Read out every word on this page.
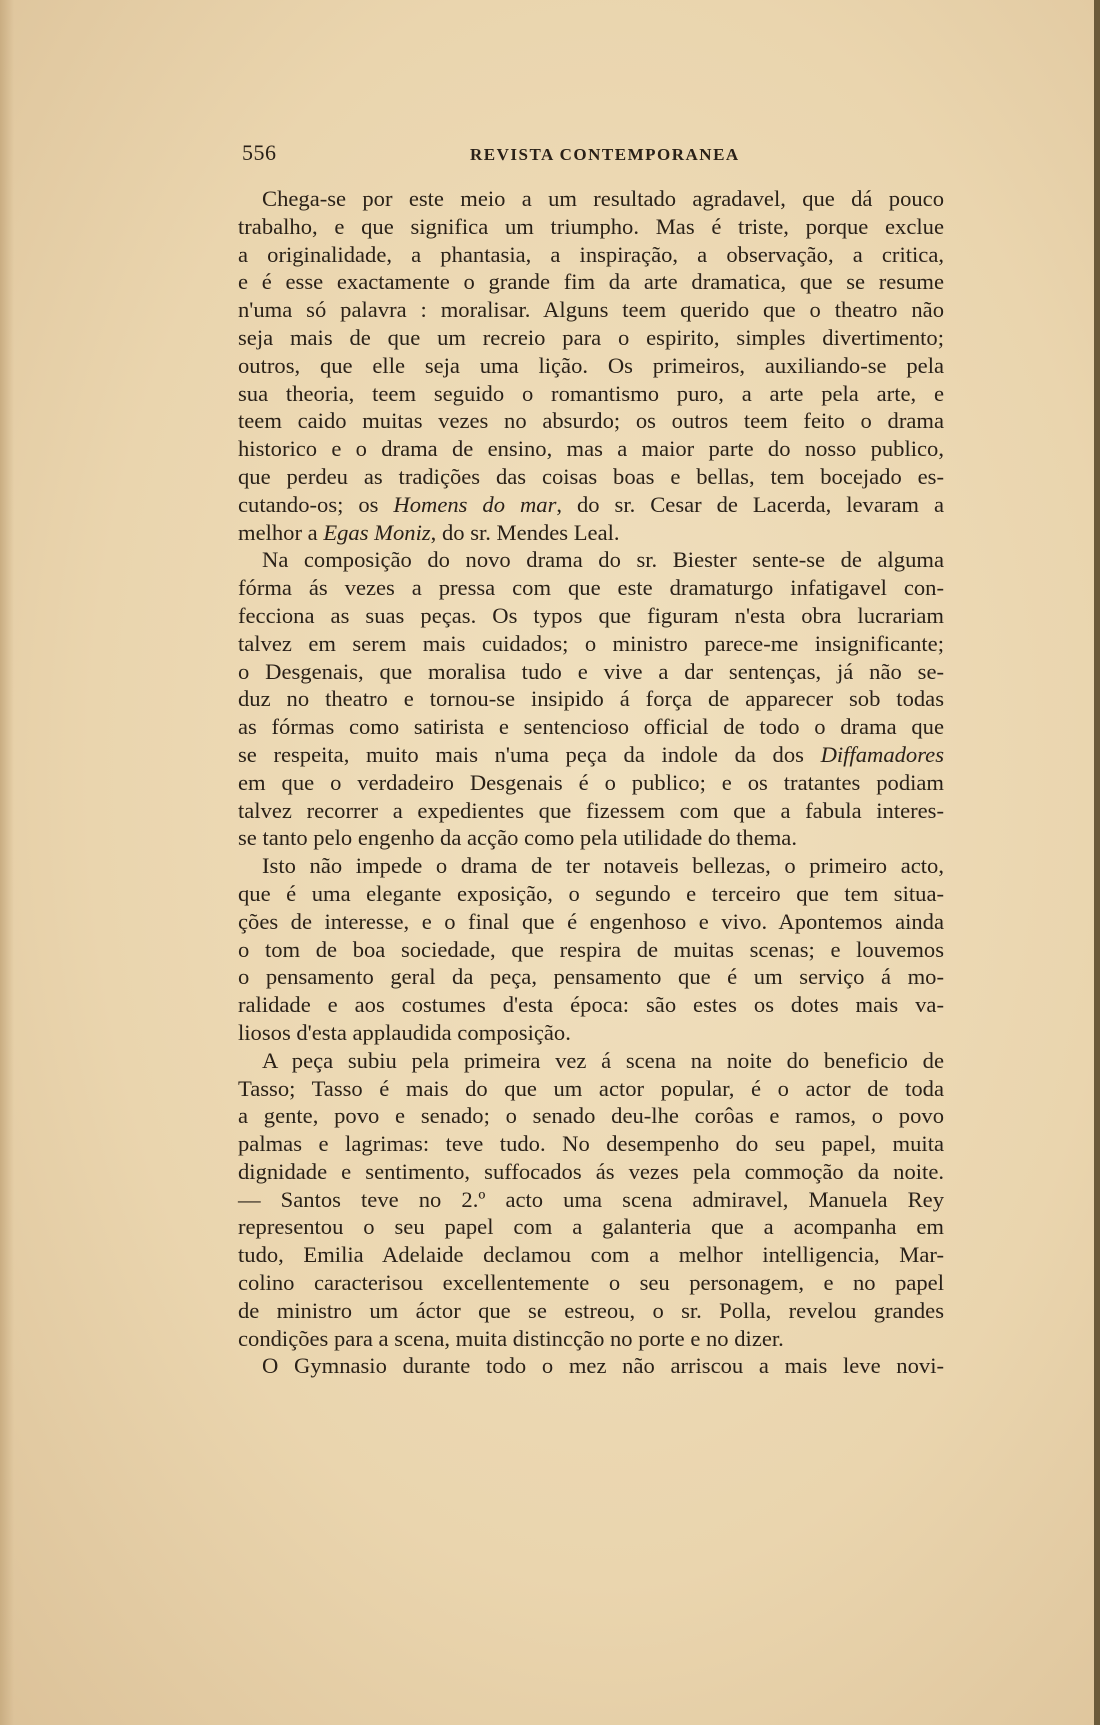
556	REVISTA CONTEMPORANEA
Chega-se por este meio a um resultado agradavel, que dá pouco
trabalho, e que significa um triumpho. Mas é triste, porque exclue
a originalidade, a phantasia, a inspiração, a observação, a critica,
e é esse exactamente o grande fim da arte dramatica, que se resume
n'uma só palavra : moralisar. Alguns teem querido que o theatro não
seja mais de que um recreio para o espirito, simples divertimento;
outros, que elle seja uma lição. Os primeiros, auxiliando-se pela
sua theoria, teem seguido o romantismo puro, a arte pela arte, e
teem caido muitas vezes no absurdo; os outros teem feito o drama
historico e o drama de ensino, mas a maior parte do nosso publico,
que perdeu as tradições das coisas boas e bellas, tem bocejado es-
cutando-os; os Homens do mar, do sr. Cesar de Lacerda, levaram a
melhor a Egas Moniz, do sr. Mendes Leal.
Na composição do novo drama do sr. Biester sente-se de alguma
fórma ás vezes a pressa com que este dramaturgo infatigavel con-
fecciona as suas peças. Os typos que figuram n'esta obra lucrariam
talvez em serem mais cuidados; o ministro parece-me insignificante;
o Desgenais, que moralisa tudo e vive a dar sentenças, já não se-
duz no theatro e tornou-se insipido á força de apparecer sob todas
as fórmas como satirista e sentencioso official de todo o drama que
se respeita, muito mais n'uma peça da indole da dos Diffamadores
em que o verdadeiro Desgenais é o publico; e os tratantes podiam
talvez recorrer a expedientes que fizessem com que a fabula interes-
se tanto pelo engenho da acção como pela utilidade do thema.
Isto não impede o drama de ter notaveis bellezas, o primeiro acto,
que é uma elegante exposição, o segundo e terceiro que tem situa-
ções de interesse, e o final que é engenhoso e vivo. Apontemos ainda
o tom de boa sociedade, que respira de muitas scenas; e louvemos
o pensamento geral da peça, pensamento que é um serviço á mo-
ralidade e aos costumes d'esta época: são estes os dotes mais va-
liosos d'esta applaudida composição.
A peça subiu pela primeira vez á scena na noite do beneficio de
Tasso; Tasso é mais do que um actor popular, é o actor de toda
a gente, povo e senado; o senado deu-lhe corôas e ramos, o povo
palmas e lagrimas: teve tudo. No desempenho do seu papel, muita
dignidade e sentimento, suffocados ás vezes pela commoção da noite.
— Santos teve no 2.º acto uma scena admiravel, Manuela Rey
representou o seu papel com a galanteria que a acompanha em
tudo, Emilia Adelaide declamou com a melhor intelligencia, Mar-
colino caracterisou excellentemente o seu personagem, e no papel
de ministro um áctor que se estreou, o sr. Polla, revelou grandes
condições para a scena, muita distincção no porte e no dizer.
O Gymnasio durante todo o mez não arriscou a mais leve novi-
